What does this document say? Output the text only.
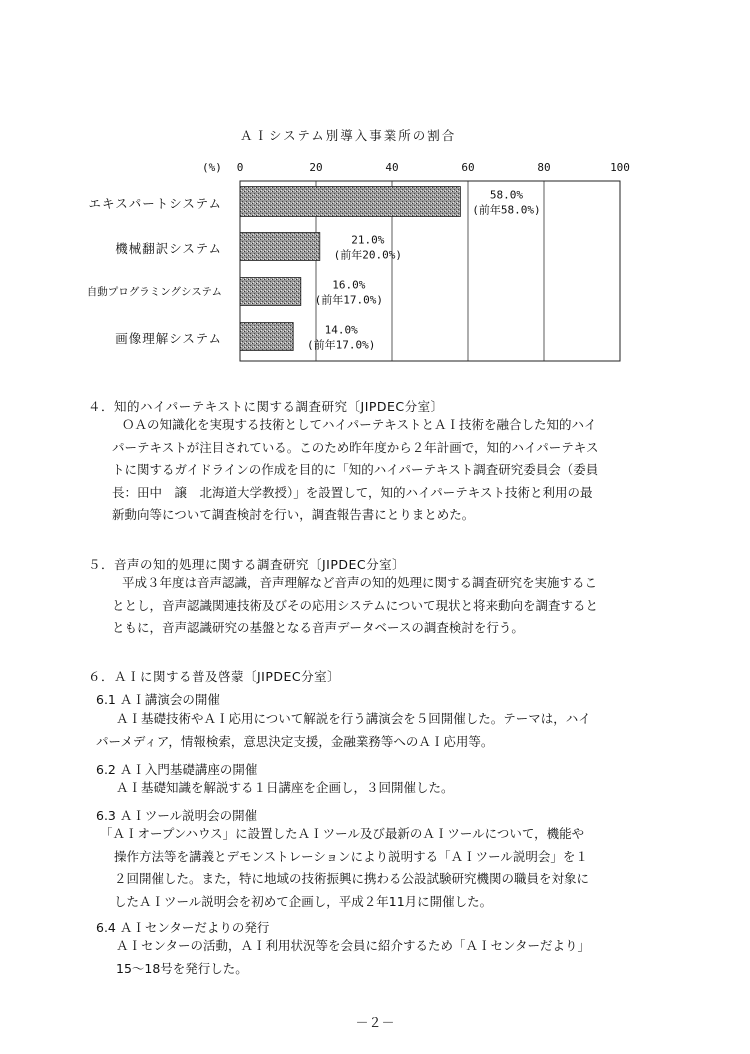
ＡＩシステム別導入事業所の割合
(%) 0	20	40	60	80	100
58.0%
(前年58.0%)
21.0%
(前年20.0%)
16.0%
(前年17.0%)
14.0%
(前年17.0%)
エキスパートシステム
機械翻訳システム
自動プログラミングシステム
画像理解システム
４．知的ハイパーテキストに関する調査研究〔JIPDEC分室〕
ＯＡの知識化を実現する技術としてハイパーテキストとＡＩ技術を融合した知的ハイ
パーテキストが注目されている。このため昨年度から２年計画で，知的ハイパーテキス
トに関するガイドラインの作成を目的に「知的ハイパーテキスト調査研究委員会（委員
長：田中　譲　北海道大学教授）」を設置して，知的ハイパーテキスト技術と利用の最
新動向等について調査検討を行い，調査報告書にとりまとめた。
５．音声の知的処理に関する調査研究〔JIPDEC分室〕
平成３年度は音声認識，音声理解など音声の知的処理に関する調査研究を実施するこ
ととし，音声認識関連技術及びその応用システムについて現状と将来動向を調査すると
ともに，音声認識研究の基盤となる音声データベースの調査検討を行う。
６．ＡＩに関する普及啓蒙〔JIPDEC分室〕
6.1 ＡＩ講演会の開催
ＡＩ基礎技術やＡＩ応用について解説を行う講演会を５回開催した。テーマは，ハイ
パーメディア，情報検索，意思決定支援，金融業務等へのＡＩ応用等。
6.2 ＡＩ入門基礎講座の開催
ＡＩ基礎知識を解説する１日講座を企画し，３回開催した。
6.3 ＡＩツール説明会の開催
「ＡＩオープンハウス」に設置したＡＩツール及び最新のＡＩツールについて，機能や
操作方法等を講義とデモンストレーションにより説明する「ＡＩツール説明会」を１
２回開催した。また，特に地域の技術振興に携わる公設試験研究機関の職員を対象に
したＡＩツール説明会を初めて企画し，平成２年11月に開催した。
6.4 ＡＩセンターだよりの発行
ＡＩセンターの活動，ＡＩ利用状況等を会員に紹介するため「ＡＩセンターだより」
15～18号を発行した。
－２－
